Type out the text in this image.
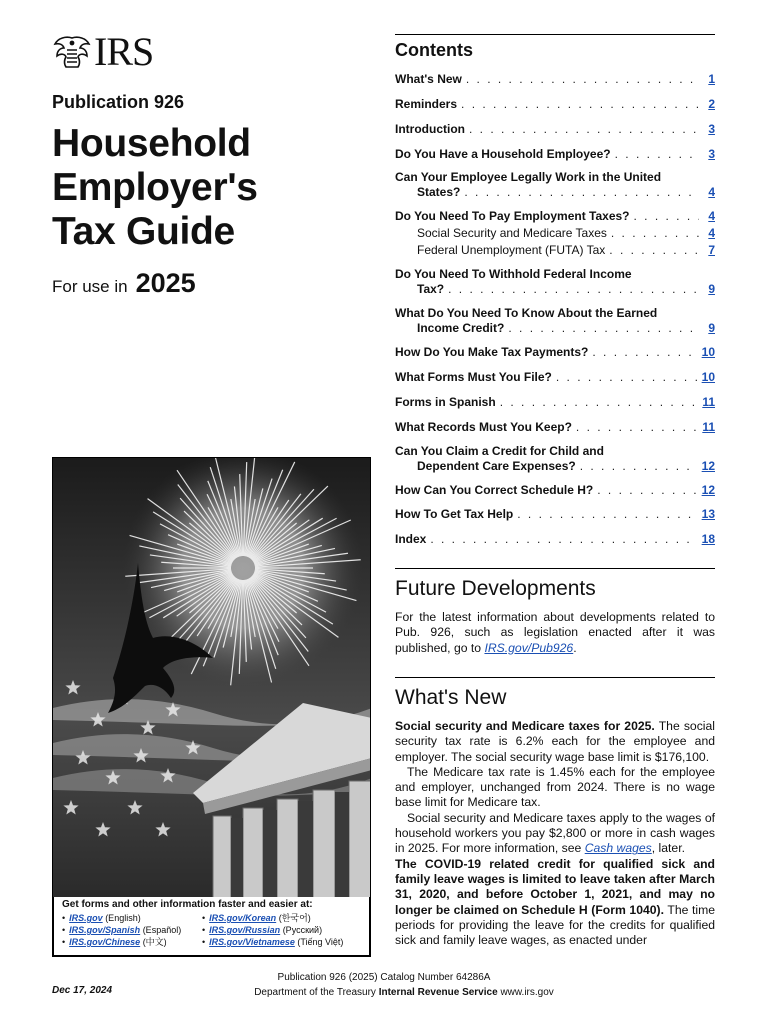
IRS
Publication 926
Household
Employer's
Tax Guide
For use in 2025
Get forms and other information faster and easier at:
• IRS.gov (English)
• IRS.gov/Spanish (Español)
• IRS.gov/Chinese (中文)
• IRS.gov/Korean (한국어)
• IRS.gov/Russian (Русский)
• IRS.gov/Vietnamese (Tiếng Việt)
Contents
What's New . . .	1
Reminders . . .	2
Introduction . . .	3
Do You Have a Household Employee? . . .	3
Can Your Employee Legally Work in the United
States? . . .	4
Do You Need To Pay Employment Taxes? . . .	4
Social Security and Medicare Taxes . . .	4
Federal Unemployment (FUTA) Tax . . .	7
Do You Need To Withhold Federal Income
Tax? . . .	9
What Do You Need To Know About the Earned
Income Credit? . . .	9
How Do You Make Tax Payments? . . .	10
What Forms Must You File? . . .	10
Forms in Spanish . . .	11
What Records Must You Keep? . . .	11
Can You Claim a Credit for Child and
Dependent Care Expenses? . . .	12
How Can You Correct Schedule H? . . .	12
How To Get Tax Help . . .	13
Index . . .	18
Future Developments
For the latest information about developments related to Pub. 926, such as legislation enacted after it was published, go to IRS.gov/Pub926.
What's New

Social security and Medicare taxes for 2025. The social security tax rate is 6.2% each for the employee and employer. The social security wage base limit is $176,100.

The Medicare tax rate is 1.45% each for the employee and employer, unchanged from 2024. There is no wage base limit for Medicare tax.

Social security and Medicare taxes apply to the wages of household workers you pay $2,800 or more in cash wages in 2025. For more information, see Cash wages, later.

The COVID-19 related credit for qualified sick and family leave wages is limited to leave taken after March 31, 2020, and before October 1, 2021, and may no longer be claimed on Schedule H (Form 1040). The time periods for providing the leave for the credits for qualified sick and family leave wages, as enacted under

Dec 17, 2024
Publication 926 (2025) Catalog Number 64286A
Department of the Treasury Internal Revenue Service www.irs.gov
